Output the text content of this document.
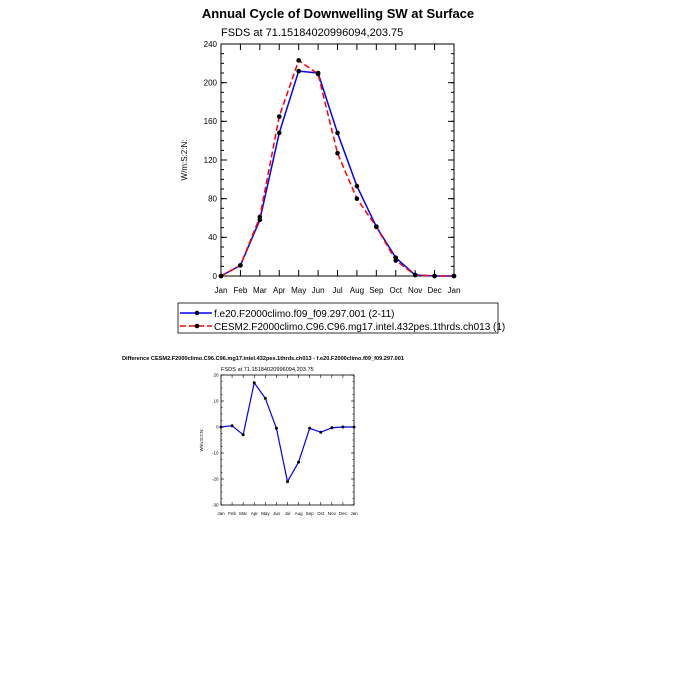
Annual Cycle of Downwelling SW at Surface
FSDS at 71.15184020996094,203.75
W/m:S:2:N:
0
40
80
120
160
200
240
Jan Feb Mar Apr May Jun Jul Aug Sep Oct Nov Dec Jan
f.e20.F2000climo.f09_f09.297.001 (2-11)
CESM2.F2000climo.C96.C96.mg17.intel.432pes.1thrds.ch013 (1)
Difference CESM2.F2000climo.C96.C96.mg17.intel.432pes.1thrds.ch013 - f.e20.F2000climo.f09_f09.297.001
FSDS at 71.15184020996094,203.75
W/m:S:2:N:
-30
-20
-10
0
10
20
Jan Feb Mar Apr May Jun Jul Aug Sep Oct Nov Dec Jan
